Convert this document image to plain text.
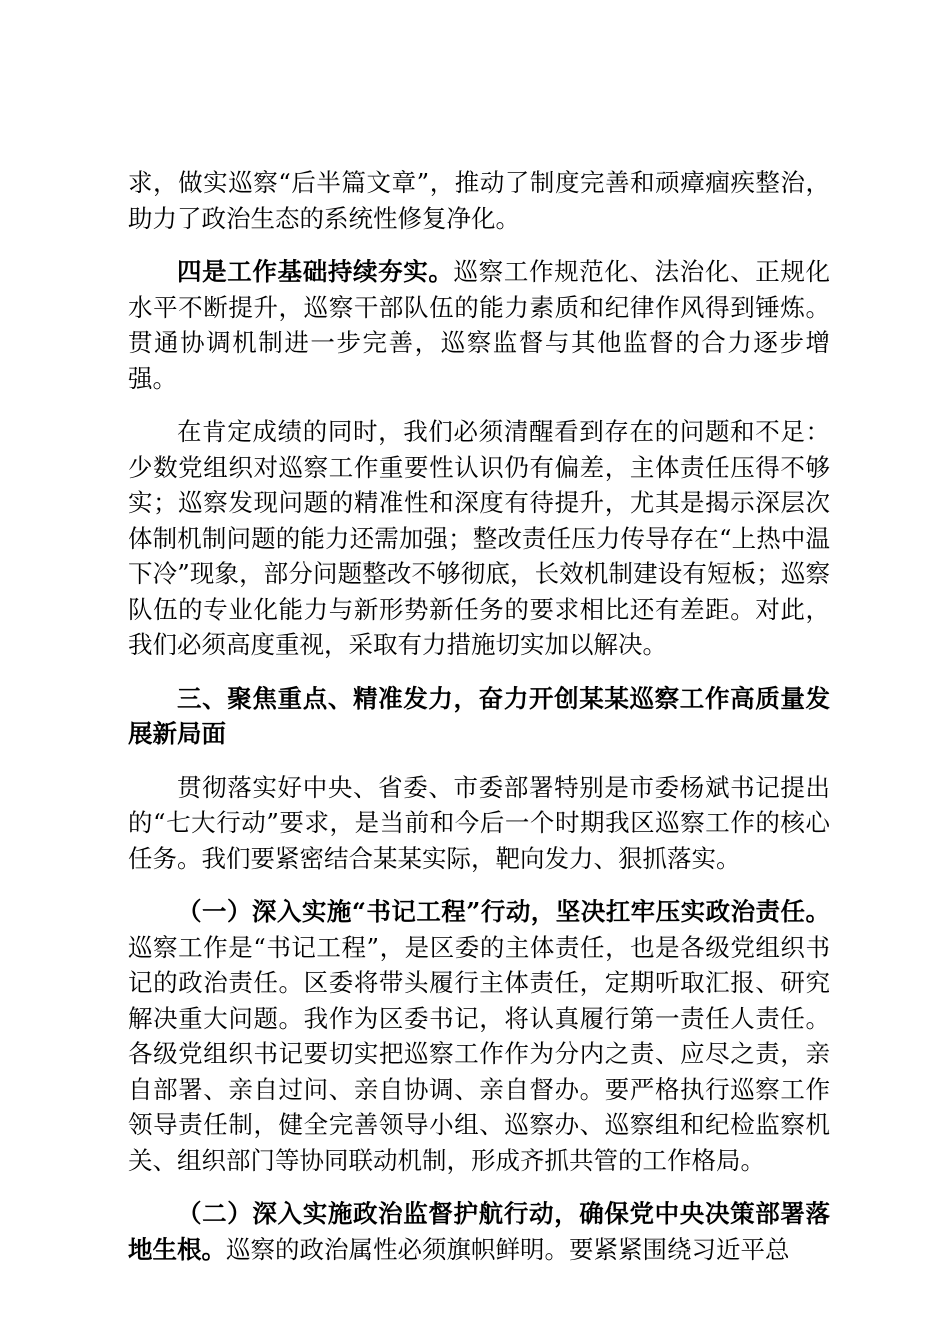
求，做实巡察“后半篇文章”，推动了制度完善和顽瘴痼疾整治，助力了政治生态的系统性修复净化。

四是工作基础持续夯实。巡察工作规范化、法治化、正规化水平不断提升，巡察干部队伍的能力素质和纪律作风得到锤炼。贯通协调机制进一步完善，巡察监督与其他监督的合力逐步增强。

在肯定成绩的同时，我们必须清醒看到存在的问题和不足：少数党组织对巡察工作重要性认识仍有偏差，主体责任压得不够实；巡察发现问题的精准性和深度有待提升，尤其是揭示深层次体制机制问题的能力还需加强；整改责任压力传导存在“上热中温下冷”现象，部分问题整改不够彻底，长效机制建设有短板；巡察队伍的专业化能力与新形势新任务的要求相比还有差距。对此，我们必须高度重视，采取有力措施切实加以解决。

三、聚焦重点、精准发力，奋力开创某某巡察工作高质量发展新局面

贯彻落实好中央、省委、市委部署特别是市委杨斌书记提出的“七大行动”要求，是当前和今后一个时期我区巡察工作的核心任务。我们要紧密结合某某实际，靶向发力、狠抓落实。

（一）深入实施“书记工程”行动，坚决扛牢压实政治责任。巡察工作是“书记工程”，是区委的主体责任，也是各级党组织书记的政治责任。区委将带头履行主体责任，定期听取汇报、研究解决重大问题。我作为区委书记，将认真履行第一责任人责任。各级党组织书记要切实把巡察工作作为分内之责、应尽之责，亲自部署、亲自过问、亲自协调、亲自督办。要严格执行巡察工作领导责任制，健全完善领导小组、巡察办、巡察组和纪检监察机关、组织部门等协同联动机制，形成齐抓共管的工作格局。

（二）深入实施政治监督护航行动，确保党中央决策部署落地生根。巡察的政治属性必须旗帜鲜明。要紧紧围绕习近平总
